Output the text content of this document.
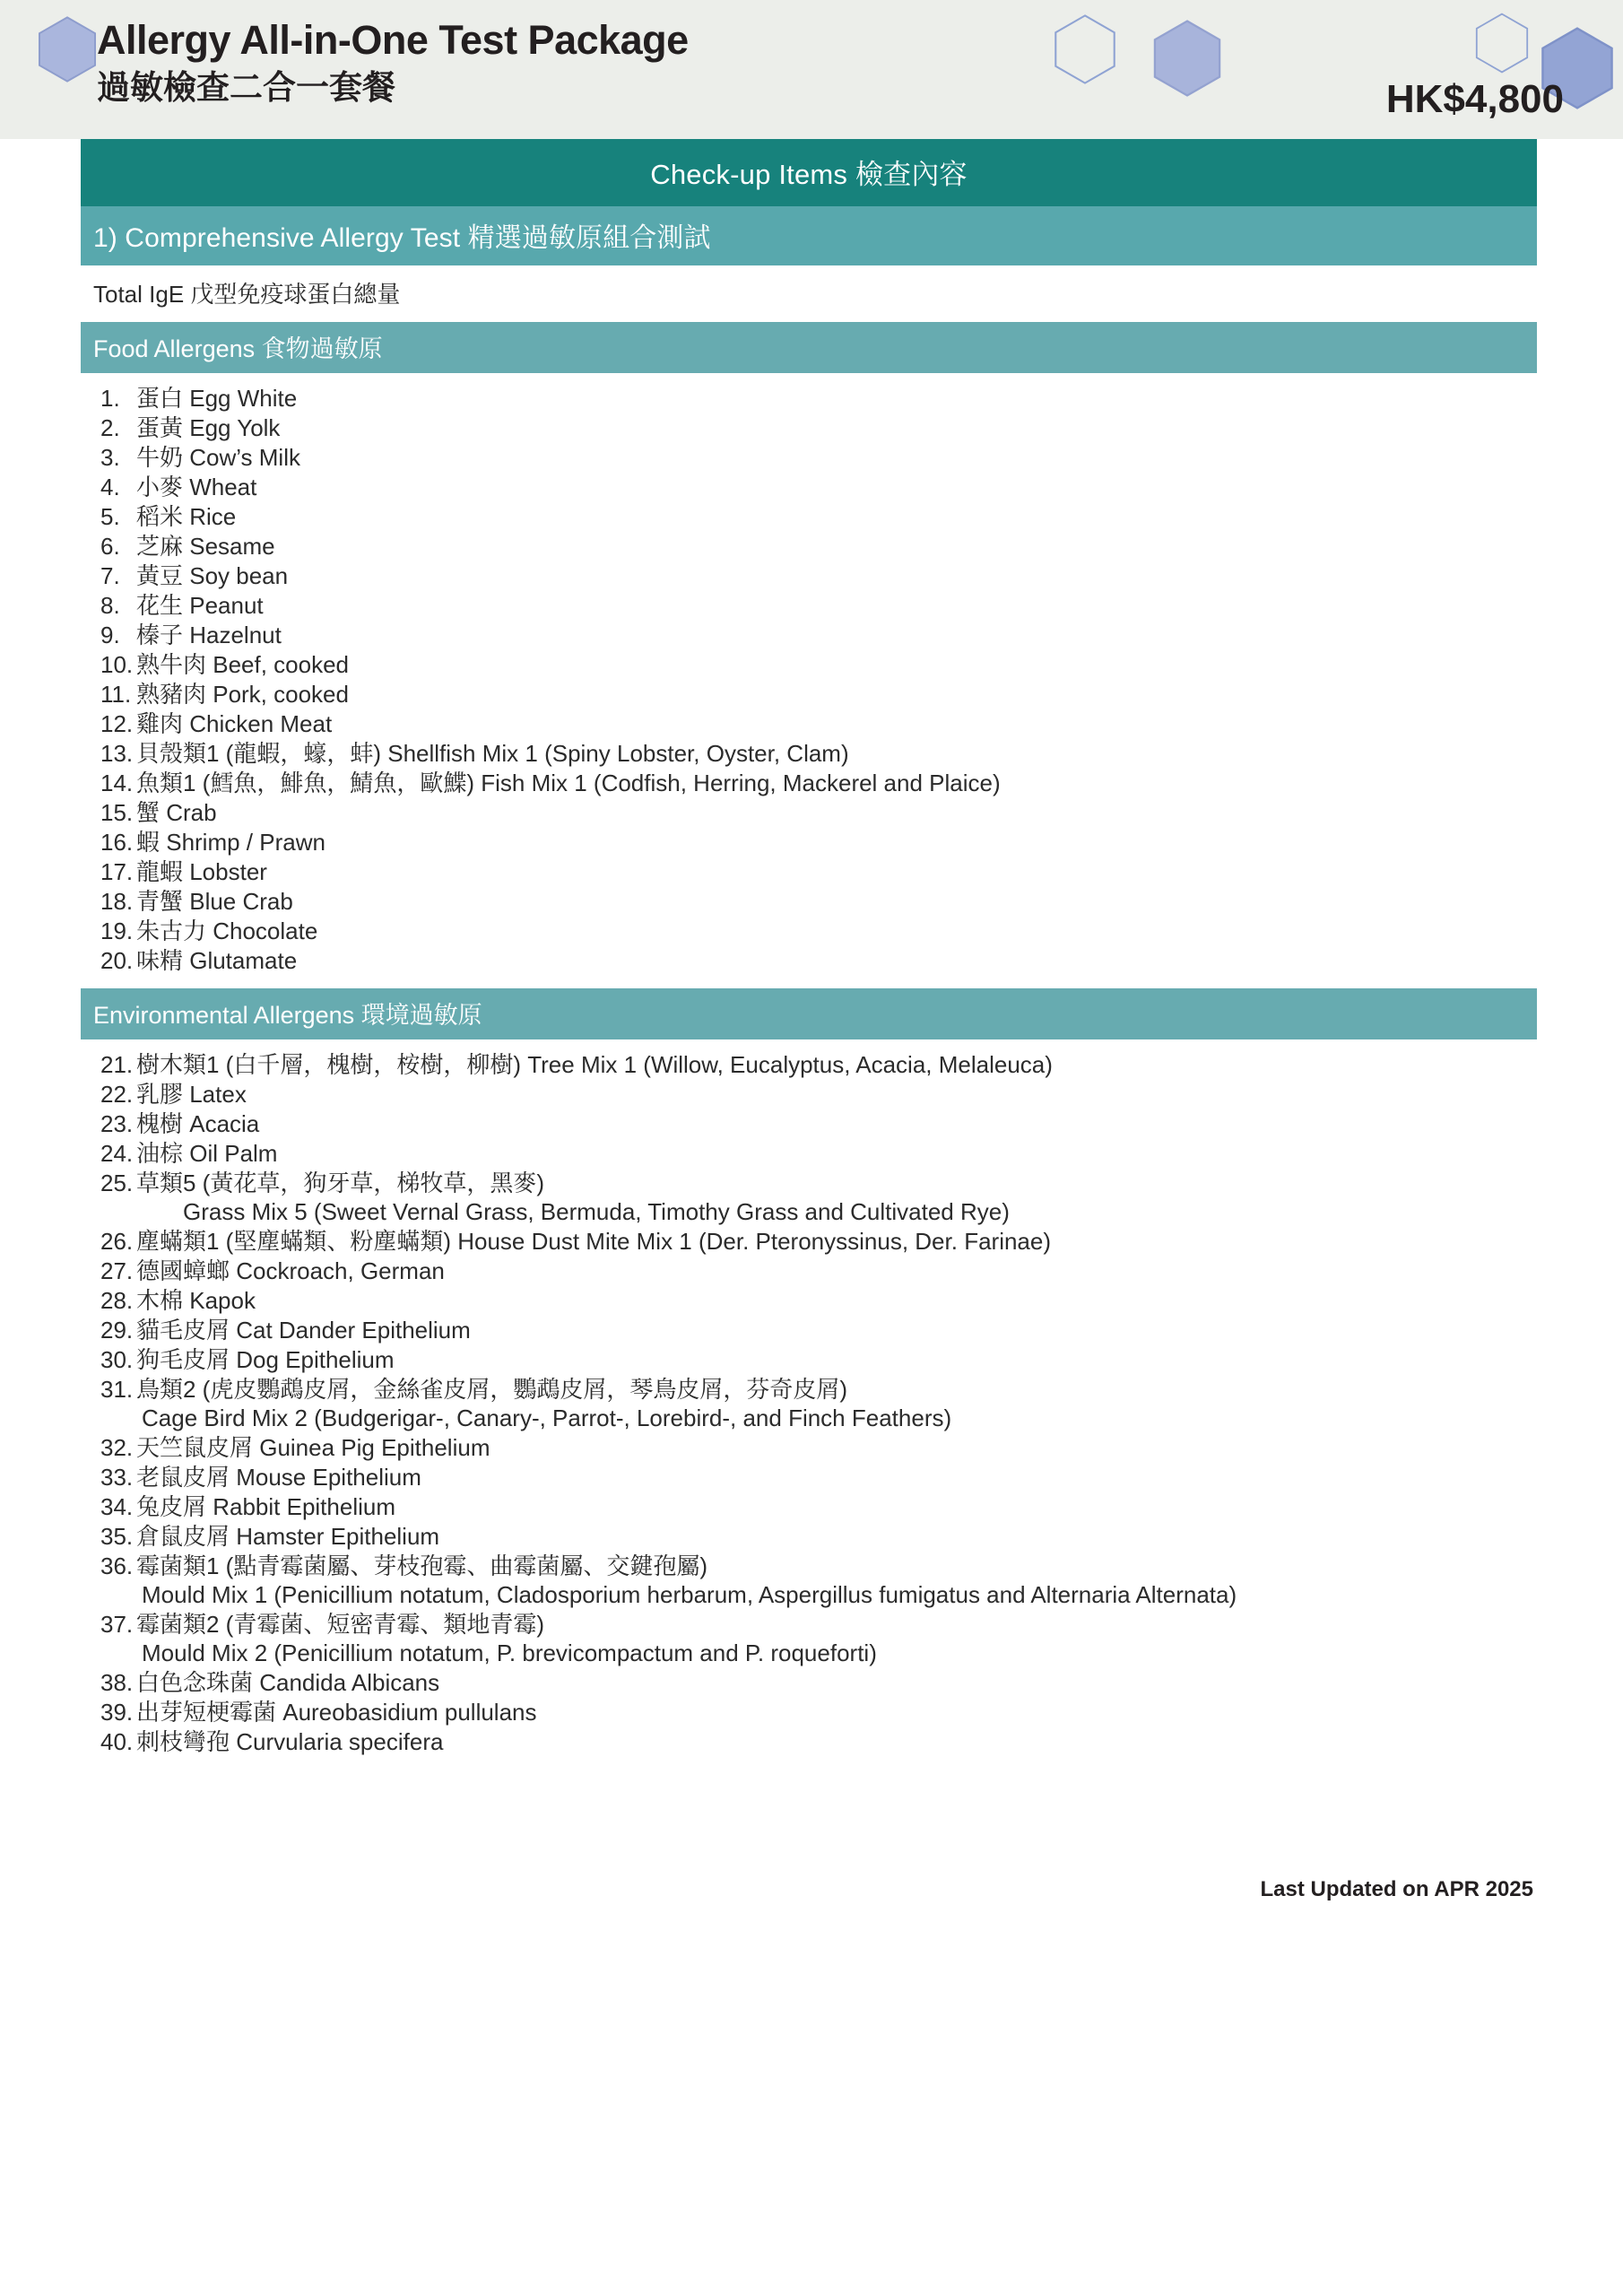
Allergy All-in-One Test Package
過敏檢查二合一套餐	HK$4,800
Check-up Items 檢查內容
1) Comprehensive Allergy Test 精選過敏原組合測試
Total IgE 戊型免疫球蛋白總量
Food Allergens 食物過敏原
1. 蛋白 Egg White
2. 蛋黃 Egg Yolk
3. 牛奶 Cow’s Milk
4. 小麥 Wheat
5. 稻米 Rice
6. 芝麻 Sesame
7. 黃豆 Soy bean
8. 花生 Peanut
9. 榛子 Hazelnut
10. 熟牛肉 Beef, cooked
11. 熟豬肉 Pork, cooked
12. 雞肉 Chicken Meat
13. 貝殼類1 (龍蝦，蠔，蚌) Shellfish Mix 1 (Spiny Lobster, Oyster, Clam)
14. 魚類1 (鱈魚，鯡魚，鯖魚，歐鰈) Fish Mix 1 (Codfish, Herring, Mackerel and Plaice)
15. 蟹 Crab
16. 蝦 Shrimp / Prawn
17. 龍蝦 Lobster
18. 青蟹 Blue Crab
19. 朱古力 Chocolate
20. 味精 Glutamate
Environmental Allergens 環境過敏原
21. 樹木類1 (白千層，槐樹，桉樹，柳樹) Tree Mix 1 (Willow, Eucalyptus, Acacia, Melaleuca)
22. 乳膠 Latex
23. 槐樹 Acacia
24. 油棕 Oil Palm
25. 草類5 (黃花草，狗牙草，梯牧草，黑麥)
Grass Mix 5 (Sweet Vernal Grass, Bermuda, Timothy Grass and Cultivated Rye)
26. 塵蟎類1 (堅塵蟎類、粉塵蟎類) House Dust Mite Mix 1 (Der. Pteronyssinus, Der. Farinae)
27. 德國蟑螂 Cockroach, German
28. 木棉 Kapok
29. 貓毛皮屑 Cat Dander Epithelium
30. 狗毛皮屑 Dog Epithelium
31. 鳥類2 (虎皮鸚鵡皮屑，金絲雀皮屑，鸚鵡皮屑，琴鳥皮屑，芬奇皮屑)
Cage Bird Mix 2 (Budgerigar-, Canary-, Parrot-, Lorebird-, and Finch Feathers)
32. 天竺鼠皮屑 Guinea Pig Epithelium
33. 老鼠皮屑 Mouse Epithelium
34. 兔皮屑 Rabbit Epithelium
35. 倉鼠皮屑 Hamster Epithelium
36. 霉菌類1 (點青霉菌屬、芽枝孢霉、曲霉菌屬、交鍵孢屬)
Mould Mix 1 (Penicillium notatum, Cladosporium herbarum, Aspergillus fumigatus and Alternaria Alternata)
37. 霉菌類2 (青霉菌、短密青霉、類地青霉)
Mould Mix 2 (Penicillium notatum, P. brevicompactum and P. roqueforti)
38. 白色念珠菌 Candida Albicans
39. 出芽短梗霉菌 Aureobasidium pullulans
40. 刺枝彎孢 Curvularia specifera
Last Updated on APR 2025
